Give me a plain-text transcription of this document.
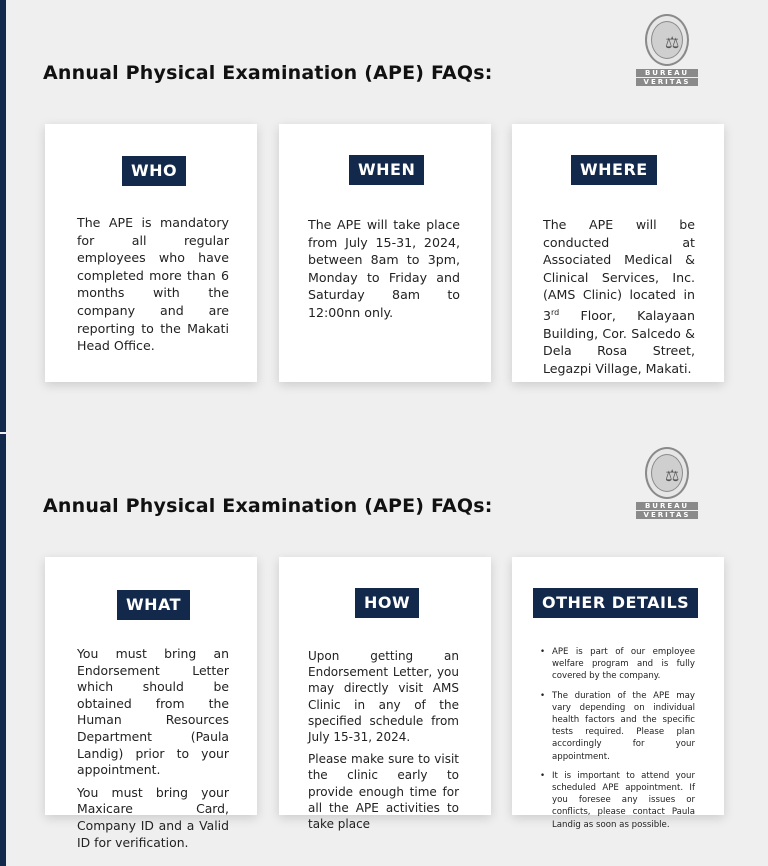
Annual Physical Examination (APE) FAQs:
⚖
BUREAU
VERITAS
WHO
The APE is mandatory for all regular employees who have completed more than 6 months with the company and are reporting to the Makati Head Office.
WHEN
The APE will take place from July 15-31, 2024, between 8am to 3pm, Monday to Friday and Saturday 8am to 12:00nn only.
WHERE
The APE will be conducted at Associated Medical & Clinical Services, Inc. (AMS Clinic) located in 3rd Floor, Kalayaan Building, Cor. Salcedo & Dela Rosa Street, Legazpi Village, Makati.
Annual Physical Examination (APE) FAQs:
⚖
BUREAU
VERITAS
WHAT

You must bring an Endorsement Letter which should be obtained from the Human Resources Department (Paula Landig) prior to your appointment.

You must bring your Maxicare Card, Company ID and a Valid ID for verification.

HOW

Upon getting an Endorsement Letter, you may directly visit AMS Clinic in any of the specified schedule from July 15-31, 2024.

Please make sure to visit the clinic early to provide enough time for all the APE activities to take place

OTHER DETAILS
• APE is part of our employee welfare program and is fully covered by the company.
• The duration of the APE may vary depending on individual health factors and the specific tests required. Please plan accordingly for your appointment.
• It is important to attend your scheduled APE appointment. If you foresee any issues or conflicts, please contact Paula Landig as soon as possible.
